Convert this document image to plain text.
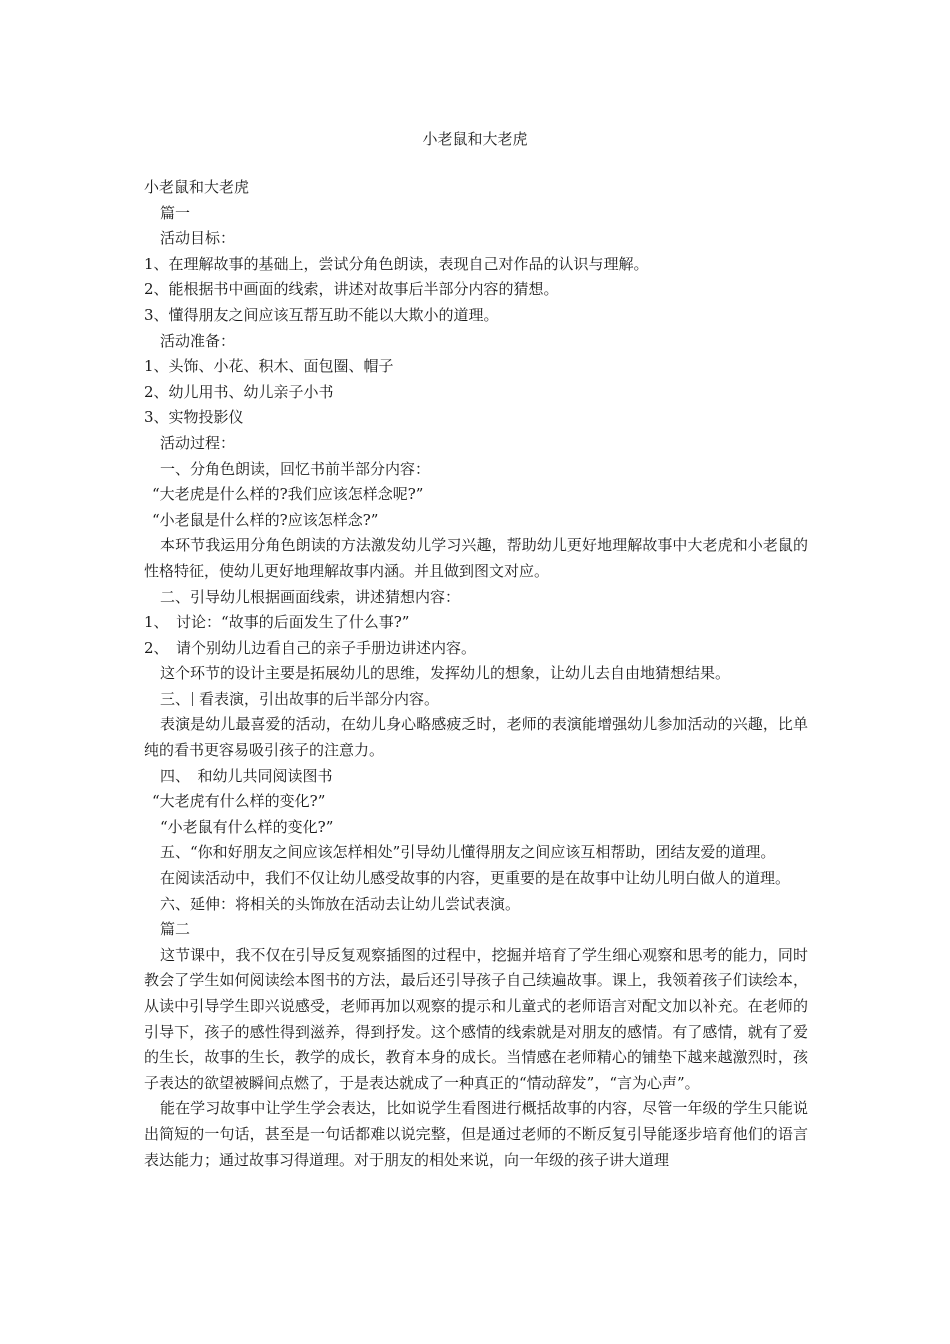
小老鼠和大老虎

小老鼠和大老虎

篇一

活动目标：

1、在理解故事的基础上，尝试分角色朗读，表现自己对作品的认识与理解。

2、能根据书中画面的线索，讲述对故事后半部分内容的猜想。

3、懂得朋友之间应该互帮互助不能以大欺小的道理。

活动准备：

1、头饰、小花、积木、面包圈、帽子

2、幼儿用书、幼儿亲子小书

3、实物投影仪

活动过程：

一、分角色朗读，回忆书前半部分内容：

“大老虎是什么样的?我们应该怎样念呢?”

“小老鼠是什么样的?应该怎样念?”

本环节我运用分角色朗读的方法激发幼儿学习兴趣，帮助幼儿更好地理解故事中大老虎和小老鼠的性格特征，使幼儿更好地理解故事内涵。并且做到图文对应。

二、引导幼儿根据画面线索，讲述猜想内容：

1、　讨论：“故事的后面发生了什么事?”

2、　请个别幼儿边看自己的亲子手册边讲述内容。

这个环节的设计主要是拓展幼儿的思维，发挥幼儿的想象，让幼儿去自由地猜想结果。

三、 看表演，引出故事的后半部分内容。

表演是幼儿最喜爱的活动，在幼儿身心略感疲乏时，老师的表演能增强幼儿参加活动的兴趣，比单纯的看书更容易吸引孩子的注意力。

四、　和幼儿共同阅读图书

“大老虎有什么样的变化?”

“小老鼠有什么样的变化?”

五、“你和好朋友之间应该怎样相处”引导幼儿懂得朋友之间应该互相帮助，团结友爱的道理。

在阅读活动中，我们不仅让幼儿感受故事的内容，更重要的是在故事中让幼儿明白做人的道理。

六、延伸：将相关的头饰放在活动去让幼儿尝试表演。

篇二

这节课中，我不仅在引导反复观察插图的过程中，挖掘并培育了学生细心观察和思考的能力，同时教会了学生如何阅读绘本图书的方法，最后还引导孩子自己续遍故事。课上，我领着孩子们读绘本，从读中引导学生即兴说感受，老师再加以观察的提示和儿童式的老师语言对配文加以补充。在老师的引导下，孩子的感性得到滋养，得到抒发。这个感情的线索就是对朋友的感情。有了感情，就有了爱的生长，故事的生长，教学的成长，教育本身的成长。当情感在老师精心的铺垫下越来越激烈时，孩子表达的欲望被瞬间点燃了，于是表达就成了一种真正的“情动辞发”，“言为心声”。

能在学习故事中让学生学会表达，比如说学生看图进行概括故事的内容，尽管一年级的学生只能说出简短的一句话，甚至是一句话都难以说完整，但是通过老师的不断反复引导能逐步培育他们的语言表达能力；通过故事习得道理。对于朋友的相处来说，向一年级的孩子讲大道理
